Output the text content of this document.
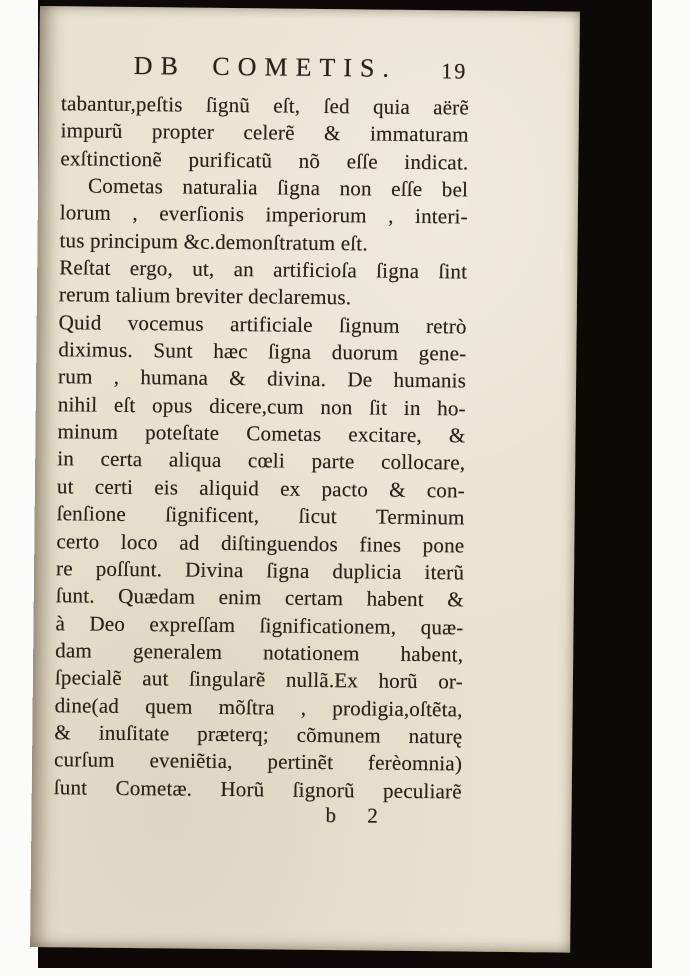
DB COMETIS.	19
tabantur,peſtis ſignũ eſt, ſed quia aërẽ
impurũ propter celerẽ & immaturam
exſtinctionẽ purificatũ nõ eſſe indicat.
Cometas naturalia ſigna non eſſe bel
lorum , everſionis imperiorum , interi-
tus principum &c.demonſtratum eſt.
Reſtat ergo, ut, an artificioſa ſigna ſint
rerum talium breviter declaremus.
Quid vocemus artificiale ſignum retrò
diximus. Sunt hæc ſigna duorum gene-
rum , humana & divina. De humanis
nihil eſt opus dicere,cum non ſit in ho-
minum poteſtate Cometas excitare, &
in certa aliqua cœli parte collocare,
ut certi eis aliquid ex pacto & con-
ſenſione ſignificent, ſicut Terminum
certo loco ad diſtinguendos fines pone
re poſſunt. Divina ſigna duplicia iterũ
ſunt. Quædam enim certam habent &
à Deo expreſſam ſignificationem, quæ-
dam generalem notationem habent,
ſpecialẽ aut ſingularẽ nullã.Ex horũ or-
dine(ad quem mõſtra , prodigia,oſtẽta,
& inuſitate præterq; cõmunem naturę
curſum eveniẽtia, pertinẽt ferèomnia)
ſunt Cometæ. Horũ ſignorũ peculiarẽ
b 2
